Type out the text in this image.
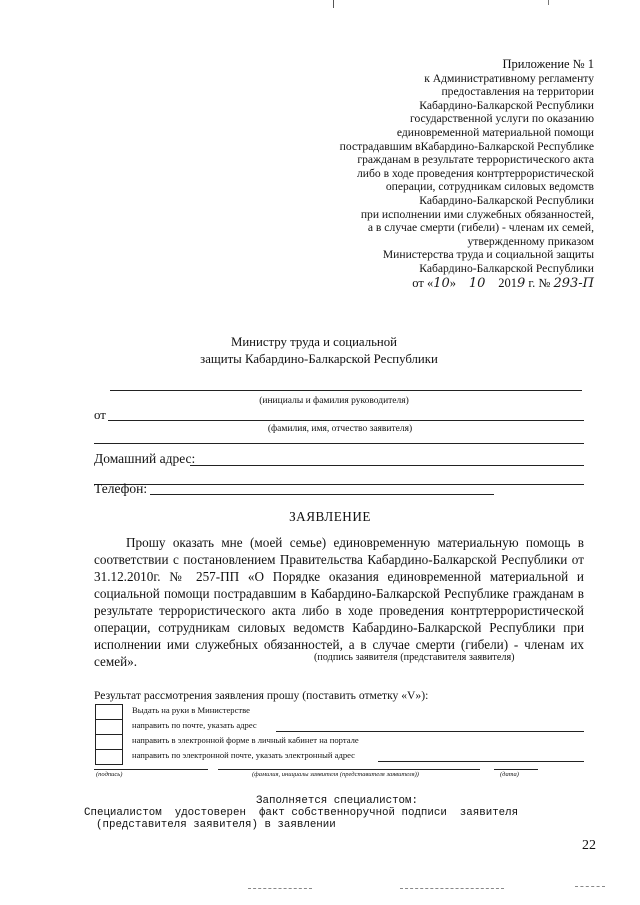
Приложение № 1
к Административному регламенту
предоставления на территории
Кабардино-Балкарской Республики
государственной услуги по оказанию
единовременной материальной помощи
пострадавшим вКабардино-Балкарской Республике
гражданам в результате террористического акта
либо в ходе проведения контртеррористической
операции, сотрудникам силовых ведомств
Кабардино-Балкарской Республики
при исполнении ими служебных обязанностей,
а в случае смерти (гибели) - членам их семей,
утвержденному приказом
Министерства труда и социальной защиты
Кабардино-Балкарской Республики
от «10» 10 2019 г. № 293-П
Министру труда и социальной
защиты Кабардино-Балкарской Республики
(инициалы и фамилия руководителя)
от
(фамилия, имя, отчество заявителя)
Домашний адрес:
Телефон:
ЗАЯВЛЕНИЕ
Прошу оказать мне (моей семье) единовременную материальную помощь в соответствии с постановлением Правительства Кабардино-Балкарской Республики от 31.12.2010г. № 257-ПП «О Порядке оказания единовременной материальной и социальной помощи пострадавшим в Кабардино-Балкарской Республике гражданам в результате террористического акта либо в ходе проведения контртеррористической операции, сотрудникам силовых ведомств Кабардино-Балкарской Республики при исполнении ими служебных обязанностей, а в случае смерти (гибели) - членам их семей».	(подпись заявителя (представителя заявителя)
Результат рассмотрения заявления прошу (поставить отметку «V»):
Выдать на руки в Министерстве
направить по почте, указать адрес
направить в электронной форме в личный кабинет на портале
направить по электронной почте, указать электронный адрес
(подпись)	(фамилия, инициалы заявителя (представителя заявителя))	(дата)
Заполняется специалистом:
Специалистом  удостоверен  факт собственноручной подписи  заявителя
(представителя заявителя) в заявлении
22
